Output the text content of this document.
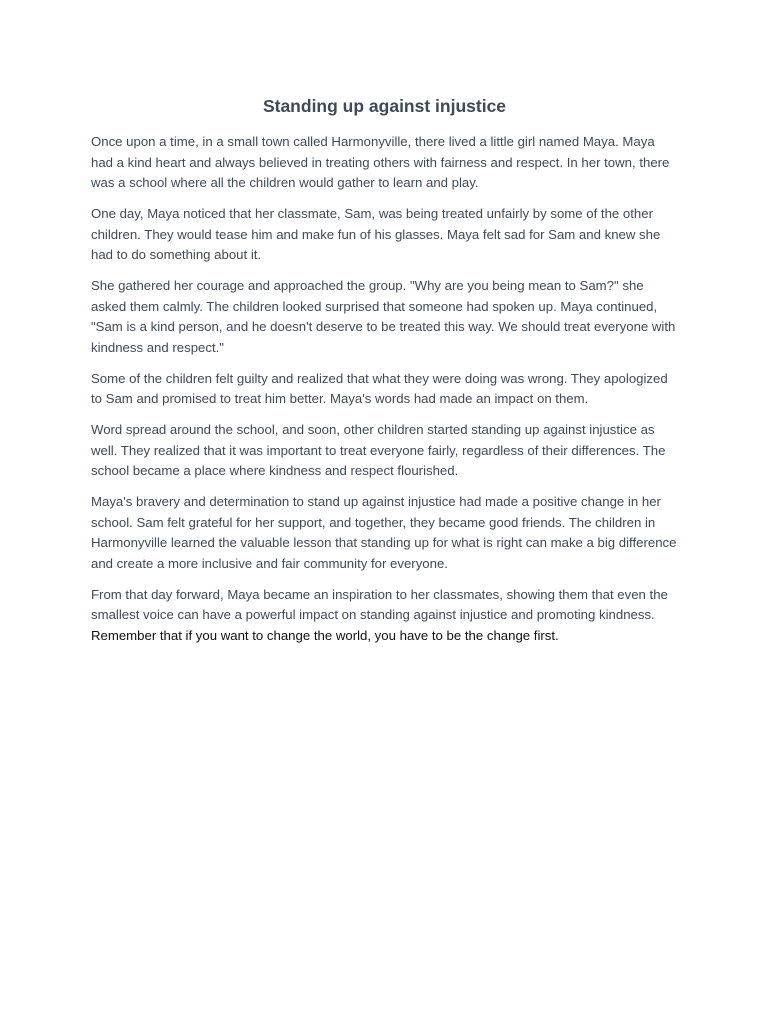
Standing up against injustice

Once upon a time, in a small town called Harmonyville, there lived a little girl named Maya. Maya had a kind heart and always believed in treating others with fairness and respect. In her town, there was a school where all the children would gather to learn and play.

One day, Maya noticed that her classmate, Sam, was being treated unfairly by some of the other children. They would tease him and make fun of his glasses. Maya felt sad for Sam and knew she had to do something about it.

She gathered her courage and approached the group. "Why are you being mean to Sam?" she asked them calmly. The children looked surprised that someone had spoken up. Maya continued, "Sam is a kind person, and he doesn't deserve to be treated this way. We should treat everyone with kindness and respect."

Some of the children felt guilty and realized that what they were doing was wrong. They apologized to Sam and promised to treat him better. Maya's words had made an impact on them.

Word spread around the school, and soon, other children started standing up against injustice as well. They realized that it was important to treat everyone fairly, regardless of their differences. The school became a place where kindness and respect flourished.

Maya's bravery and determination to stand up against injustice had made a positive change in her school. Sam felt grateful for her support, and together, they became good friends. The children in Harmonyville learned the valuable lesson that standing up for what is right can make a big difference and create a more inclusive and fair community for everyone.

From that day forward, Maya became an inspiration to her classmates, showing them that even the smallest voice can have a powerful impact on standing against injustice and promoting kindness. Remember that if you want to change the world, you have to be the change first.
